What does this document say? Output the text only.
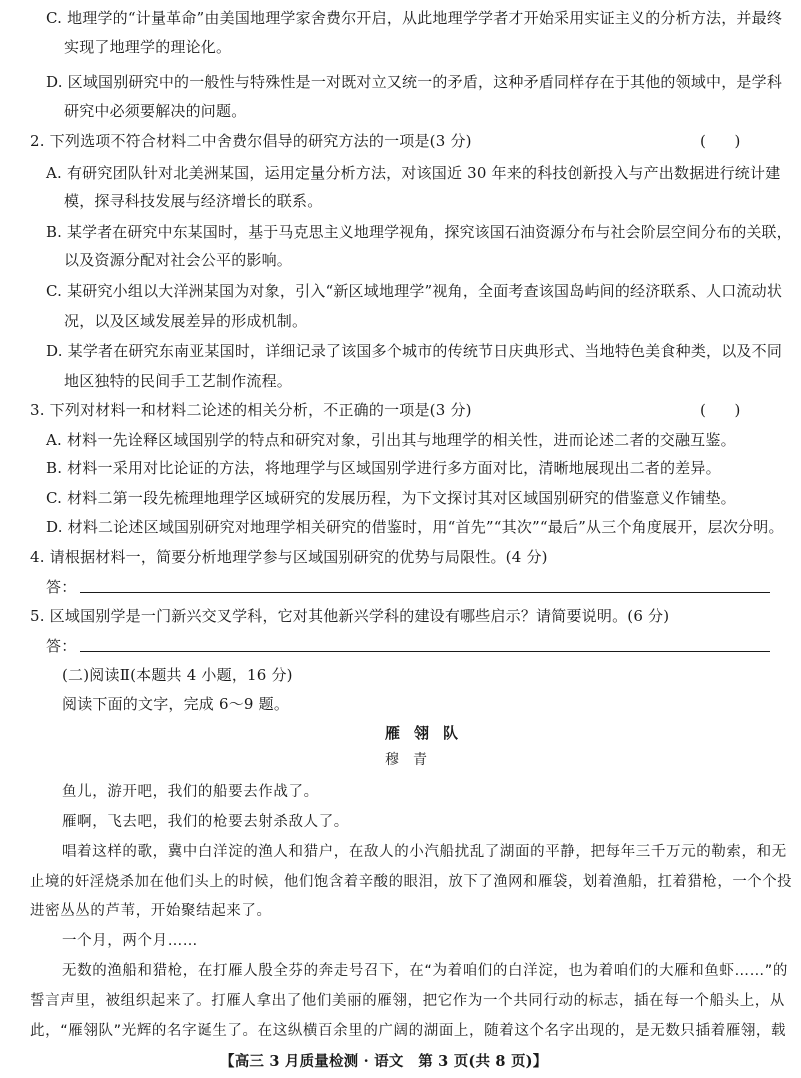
C. 地理学的“计量革命”由美国地理学家舍费尔开启，从此地理学学者才开始采用实证主义的分析方法，并最终
实现了地理学的理论化。
D. 区域国别研究中的一般性与特殊性是一对既对立又统一的矛盾，这种矛盾同样存在于其他的领域中，是学科
研究中必须要解决的问题。
2. 下列选项不符合材料二中舍费尔倡导的研究方法的一项是(3 分)	(      )
A. 有研究团队针对北美洲某国，运用定量分析方法，对该国近 30 年来的科技创新投入与产出数据进行统计建
模，探寻科技发展与经济增长的联系。
B. 某学者在研究中东某国时，基于马克思主义地理学视角，探究该国石油资源分布与社会阶层空间分布的关联，
以及资源分配对社会公平的影响。
C. 某研究小组以大洋洲某国为对象，引入“新区域地理学”视角，全面考查该国岛屿间的经济联系、人口流动状
况，以及区域发展差异的形成机制。
D. 某学者在研究东南亚某国时，详细记录了该国多个城市的传统节日庆典形式、当地特色美食种类，以及不同
地区独特的民间手工艺制作流程。
3. 下列对材料一和材料二论述的相关分析，不正确的一项是(3 分)	(      )
A. 材料一先诠释区域国别学的特点和研究对象，引出其与地理学的相关性，进而论述二者的交融互鉴。
B. 材料一采用对比论证的方法，将地理学与区域国别学进行多方面对比，清晰地展现出二者的差异。
C. 材料二第一段先梳理地理学区域研究的发展历程，为下文探讨其对区域国别研究的借鉴意义作铺垫。
D. 材料二论述区域国别研究对地理学相关研究的借鉴时，用“首先”“其次”“最后”从三个角度展开，层次分明。
4. 请根据材料一，简要分析地理学参与区域国别研究的优势与局限性。(4 分)
答：
5. 区域国别学是一门新兴交叉学科，它对其他新兴学科的建设有哪些启示？请简要说明。(6 分)
答：
(二)阅读Ⅱ(本题共 4 小题，16 分)
阅读下面的文字，完成 6～9 题。
雁翎队
穆青
鱼儿，游开吧，我们的船要去作战了。
雁啊，飞去吧，我们的枪要去射杀敌人了。
唱着这样的歌，冀中白洋淀的渔人和猎户，在敌人的小汽船扰乱了湖面的平静，把每年三千万元的勒索，和无
止境的奸淫烧杀加在他们头上的时候，他们饱含着辛酸的眼泪，放下了渔网和雁袋，划着渔船，扛着猎枪，一个个投
进密丛丛的芦苇，开始聚结起来了。
一个月，两个月……
无数的渔船和猎枪，在打雁人殷全芬的奔走号召下，在“为着咱们的白洋淀，也为着咱们的大雁和鱼虾……”的
誓言声里，被组织起来了。打雁人拿出了他们美丽的雁翎，把它作为一个共同行动的标志，插在每一个船头上，从
此，“雁翎队”光辉的名字诞生了。在这纵横百余里的广阔的湖面上，随着这个名字出现的，是无数只插着雁翎，载
【高三 3 月质量检测 · 语文　第 3 页(共 8 页)】
